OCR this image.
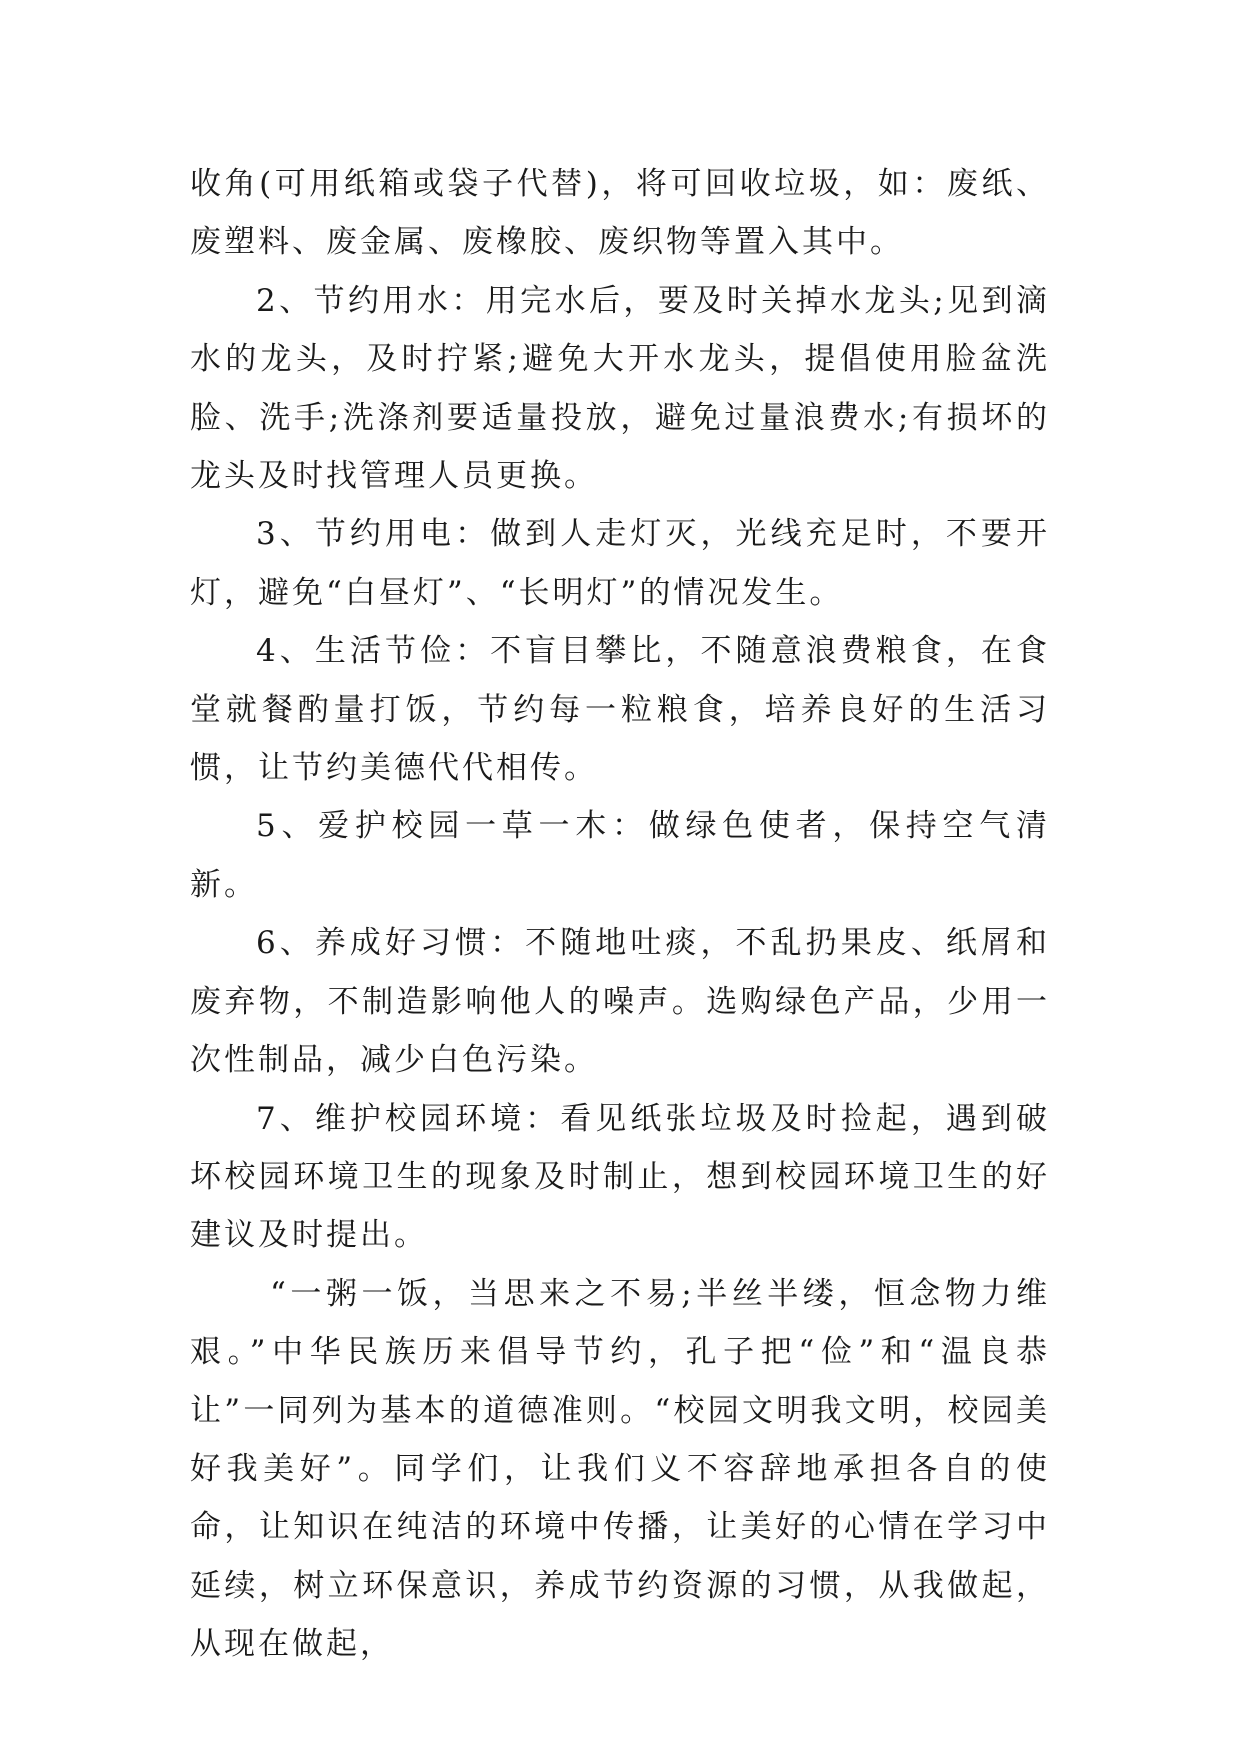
收角(可用纸箱或袋子代替)，将可回收垃圾，如：废纸、废塑料、废金属、废橡胶、废织物等置入其中。

2、节约用水：用完水后，要及时关掉水龙头;见到滴水的龙头，及时拧紧;避免大开水龙头，提倡使用脸盆洗脸、洗手;洗涤剂要适量投放，避免过量浪费水;有损坏的龙头及时找管理人员更换。

3、节约用电：做到人走灯灭，光线充足时，不要开灯，避免“白昼灯”、“长明灯”的情况发生。

4、生活节俭：不盲目攀比，不随意浪费粮食，在食堂就餐酌量打饭，节约每一粒粮食，培养良好的生活习惯，让节约美德代代相传。

5、爱护校园一草一木：做绿色使者，保持空气清新。

6、养成好习惯：不随地吐痰，不乱扔果皮、纸屑和废弃物，不制造影响他人的噪声。选购绿色产品，少用一次性制品，减少白色污染。

7、维护校园环境：看见纸张垃圾及时捡起，遇到破坏校园环境卫生的现象及时制止，想到校园环境卫生的好建议及时提出。

“一粥一饭，当思来之不易;半丝半缕，恒念物力维艰。”中华民族历来倡导节约，孔子把“俭”和“温良恭让”一同列为基本的道德准则。“校园文明我文明，校园美好我美好”。同学们，让我们义不容辞地承担各自的使命，让知识在纯洁的环境中传播，让美好的心情在学习中延续，树立环保意识，养成节约资源的习惯，从我做起，从现在做起，
